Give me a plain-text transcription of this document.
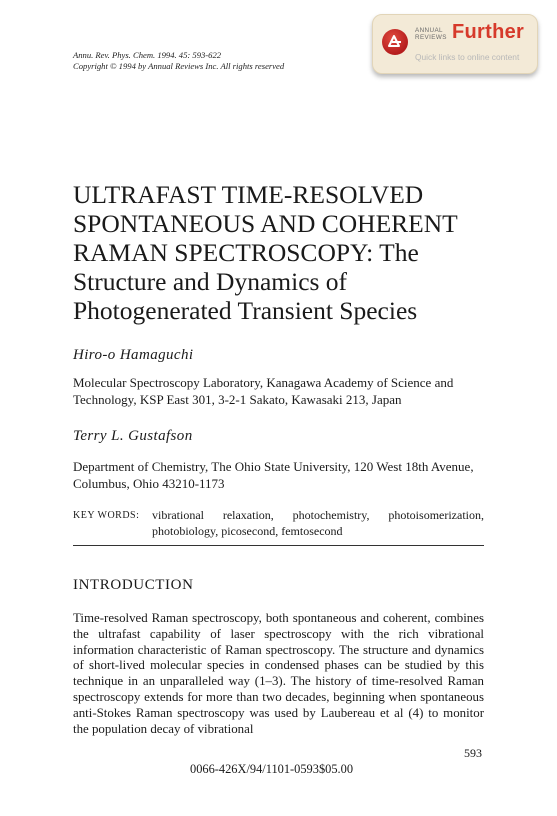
Annu. Rev. Phys. Chem. 1994. 45: 593-622
Copyright © 1994 by Annual Reviews Inc. All rights reserved
ANNUAL
REVIEWS Further
Quick links to online content
ULTRAFAST TIME-RESOLVED
SPONTANEOUS AND COHERENT
RAMAN SPECTROSCOPY: The
Structure and Dynamics of
Photogenerated Transient Species
Hiro-o Hamaguchi
Molecular Spectroscopy Laboratory, Kanagawa Academy of Science and Technology, KSP East 301, 3-2-1 Sakato, Kawasaki 213, Japan
Terry L. Gustafson
Department of Chemistry, The Ohio State University, 120 West 18th Avenue, Columbus, Ohio 43210-1173
KEY WORDS: vibrational relaxation, photochemistry, photoisomerization, photobiology, picosecond, femtosecond
INTRODUCTION
Time-resolved Raman spectroscopy, both spontaneous and coherent, combines the ultrafast capability of laser spectroscopy with the rich vibrational information characteristic of Raman spectroscopy. The structure and dynamics of short-lived molecular species in condensed phases can be studied by this technique in an unparalleled way (1–3). The history of time-resolved Raman spectroscopy extends for more than two decades, beginning when spontaneous anti-Stokes Raman spectroscopy was used by Laubereau et al (4) to monitor the population decay of vibrational
593
0066-426X/94/1101-0593$05.00
